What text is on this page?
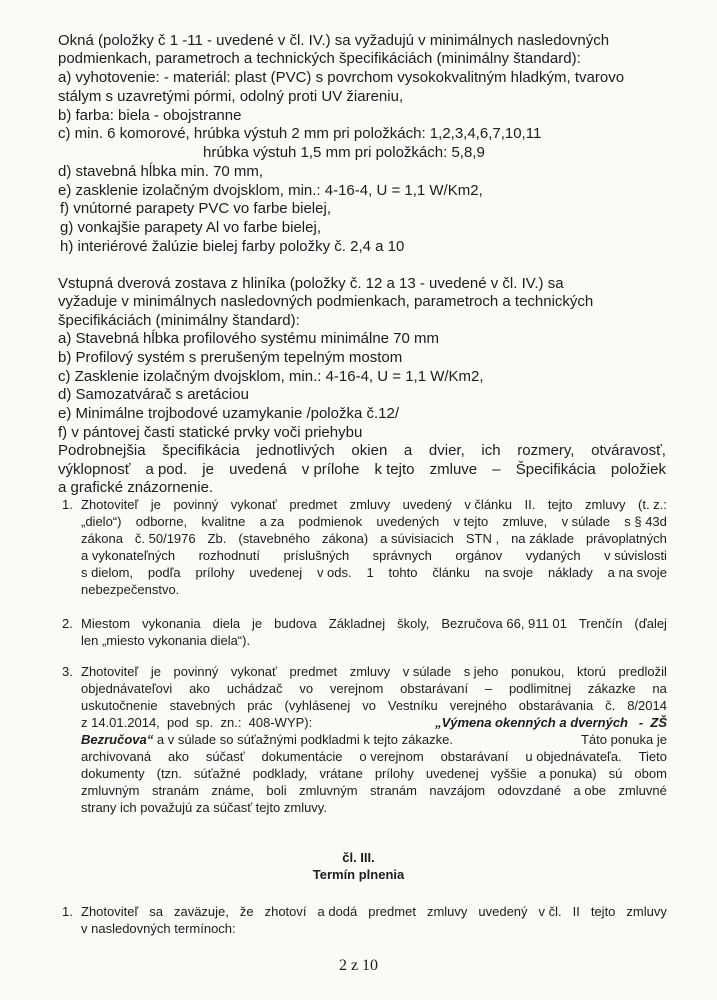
Okná (položky č 1 -11 - uvedené v čl. IV.) sa vyžadujú v minimálnych nasledovných
podmienkach, parametroch a technických špecifikáciách (minimálny štandard):
a) vyhotovenie: - materiál: plast (PVC) s povrchom vysokokvalitným hladkým, tvarovo
stálym s uzavretými pórmi, odolný proti UV žiareniu,
b) farba: biela - obojstranne
c) min. 6 komorové, hrúbka výstuh 2 mm pri položkách: 1,2,3,4,6,7,10,11
hrúbka výstuh 1,5 mm pri položkách: 5,8,9
d) stavebná hĺbka min. 70 mm,
e) zasklenie izolačným dvojsklom, min.: 4-16-4, U = 1,1 W/Km2,
f) vnútorné parapety PVC vo farbe bielej,
g) vonkajšie parapety Al vo farbe bielej,
h) interiérové žalúzie bielej farby položky č. 2,4 a 10
Vstupná dverová zostava z hliníka (položky č. 12 a 13 - uvedené v čl. IV.) sa
vyžaduje v minimálnych nasledovných podmienkach, parametroch a technických
špecifikáciách (minimálny štandard):
a) Stavebná hĺbka profilového systému minimálne 70 mm
b) Profilový systém s prerušeným tepelným mostom
c) Zasklenie izolačným dvojsklom, min.: 4-16-4, U = 1,1 W/Km2,
d) Samozatvárač s aretáciou
e) Minimálne trojbodové uzamykanie /položka č.12/
f) v pántovej časti statické prvky voči priehybu
Podrobnejšia špecifikácia jednotlivých okien a dvier, ich rozmery, otváravosť,
výklopnosť a pod. je uvedená v prílohe k tejto zmluve – Špecifikácia položiek
a grafické znázornenie.
1. Zhotoviteľ je povinný vykonať predmet zmluvy uvedený v článku II. tejto zmluvy (t. z.:
„dielo“) odborne, kvalitne a za podmienok uvedených v tejto zmluve, v súlade s § 43d
zákona č. 50/1976 Zb. (stavebného zákona) a súvisiacich STN , na základe právoplatných
a vykonateľných rozhodnutí príslušných správnych orgánov vydaných v súvislosti
s dielom, podľa prílohy uvedenej v ods. 1 tohto článku na svoje náklady a na svoje
nebezpečenstvo.
2. Miestom vykonania diela je budova Základnej školy, Bezručova 66, 911 01 Trenčín (ďalej
len „miesto vykonania diela“).
3. Zhotoviteľ je povinný vykonať predmet zmluvy v súlade s jeho ponukou, ktorú predložil
objednávateľovi ako uchádzač vo verejnom obstarávaní – podlimitnej zákazke na
uskutočnenie stavebných prác (vyhlásenej vo Vestníku verejného obstarávania č. 8/2014
z 14.01.2014,  pod  sp.  zn.:  408-WYP):	„Výmena okenných a dverných   -  ZŠ
Bezručova“ a v súlade so súťažnými podkladmi k tejto zákazke.	Táto ponuka je
archivovaná ako súčasť dokumentácie o verejnom obstarávaní u objednávateľa. Tieto
dokumenty (tzn. súťažné podklady, vrátane prílohy uvedenej vyššie a ponuka) sú obom
zmluvným stranám známe, boli zmluvným stranám navzájom odovzdané a obe zmluvné
strany ich považujú za súčasť tejto zmluvy.
čl. III.
Termín plnenia
1. Zhotoviteľ sa zaväzuje, že zhotoví a dodá predmet zmluvy uvedený v čl. II tejto zmluvy
v nasledovných termínoch:
2 z 10
